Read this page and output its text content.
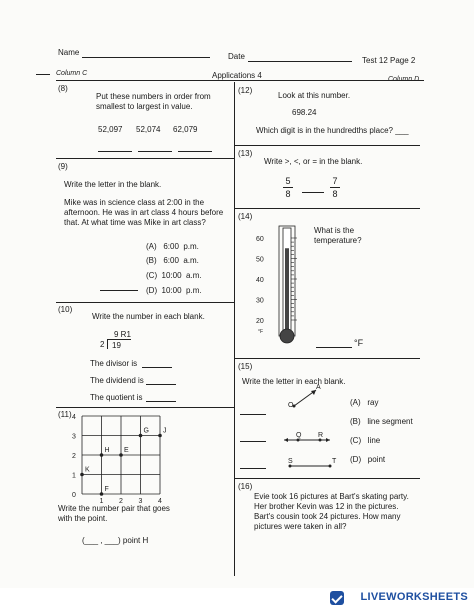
Name	Date	Test 12 Page 2
Column C	Applications 4
(8)
Put these numbers in order from
smallest to largest in value.
52,097 52,074 62,079
(9)
Write the letter in the blank.
Mike was in science class at 2:00 in the
afternoon. He was in art class 4 hours before
that. At what time was Mike in art class?
(A)   6:00  p.m.
(B)   6:00  a.m.
(C)  10:00  a.m.
(D)  10:00  p.m.
(10)
Write the number in each blank.
9 R1
2 19
The divisor is
The dividend is
The quotient is
(11) 4
3
2
1
0
1 2 3 4
G J
H E
K
F
Write the number pair that goes
with the point.
(___ , ___) point H
(12)
Look at this number.
698.24
Which digit is in the hundredths place? ___
(13)
Write >, <, or = in the blank.
5
8
7
8
(14)
What is the
temperature?
60
50
40
30
20
°F
°F
(15)
Write the letter in each blank.
O
A
Q R
S	T
(A)   ray
(B)   line segment
(C)   line
(D)   point
(16)
Evie took 16 pictures at Bart's skating party.
Her brother Kevin was 12 in the pictures.
Bart's cousin took 24 pictures. How many
pictures were taken in all?
LIVEWORKSHEETS
